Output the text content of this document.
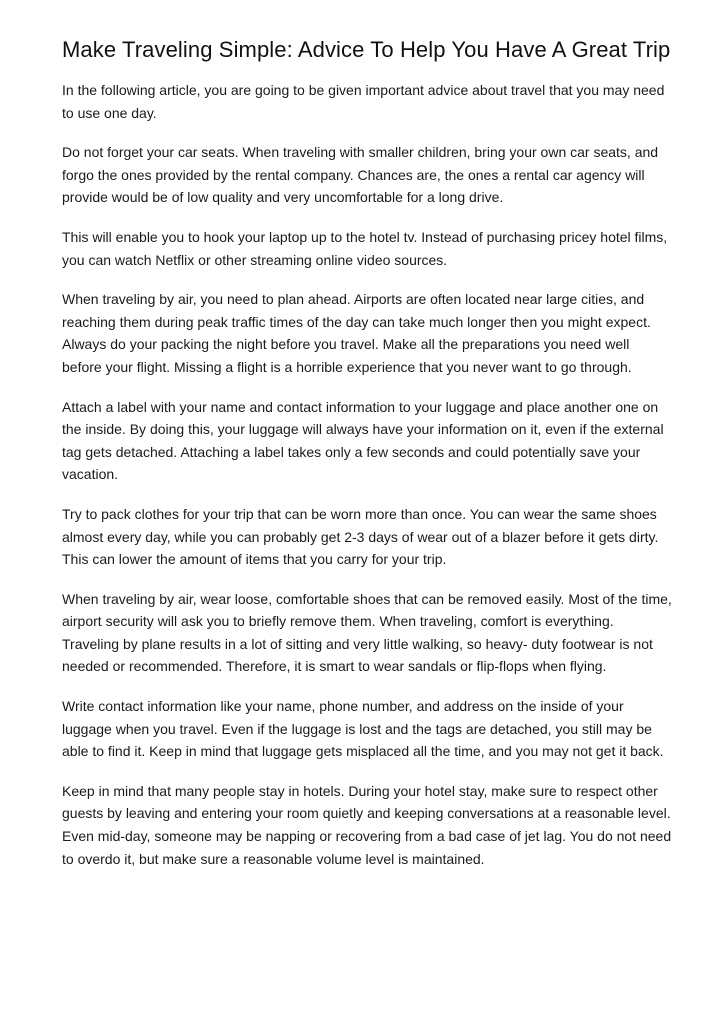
Make Traveling Simple: Advice To Help You Have A Great Trip

In the following article, you are going to be given important advice about travel that you may need to use one day.

Do not forget your car seats. When traveling with smaller children, bring your own car seats, and forgo the ones provided by the rental company. Chances are, the ones a rental car agency will provide would be of low quality and very uncomfortable for a long drive.

This will enable you to hook your laptop up to the hotel tv. Instead of purchasing pricey hotel films, you can watch Netflix or other streaming online video sources.

When traveling by air, you need to plan ahead. Airports are often located near large cities, and reaching them during peak traffic times of the day can take much longer then you might expect. Always do your packing the night before you travel. Make all the preparations you need well before your flight. Missing a flight is a horrible experience that you never want to go through.

Attach a label with your name and contact information to your luggage and place another one on the inside. By doing this, your luggage will always have your information on it, even if the external tag gets detached. Attaching a label takes only a few seconds and could potentially save your vacation.

Try to pack clothes for your trip that can be worn more than once. You can wear the same shoes almost every day, while you can probably get 2-3 days of wear out of a blazer before it gets dirty. This can lower the amount of items that you carry for your trip.

When traveling by air, wear loose, comfortable shoes that can be removed easily. Most of the time, airport security will ask you to briefly remove them. When traveling, comfort is everything. Traveling by plane results in a lot of sitting and very little walking, so heavy- duty footwear is not needed or recommended. Therefore, it is smart to wear sandals or flip-flops when flying.

Write contact information like your name, phone number, and address on the inside of your luggage when you travel. Even if the luggage is lost and the tags are detached, you still may be able to find it. Keep in mind that luggage gets misplaced all the time, and you may not get it back.

Keep in mind that many people stay in hotels. During your hotel stay, make sure to respect other guests by leaving and entering your room quietly and keeping conversations at a reasonable level. Even mid-day, someone may be napping or recovering from a bad case of jet lag. You do not need to overdo it, but make sure a reasonable volume level is maintained.
